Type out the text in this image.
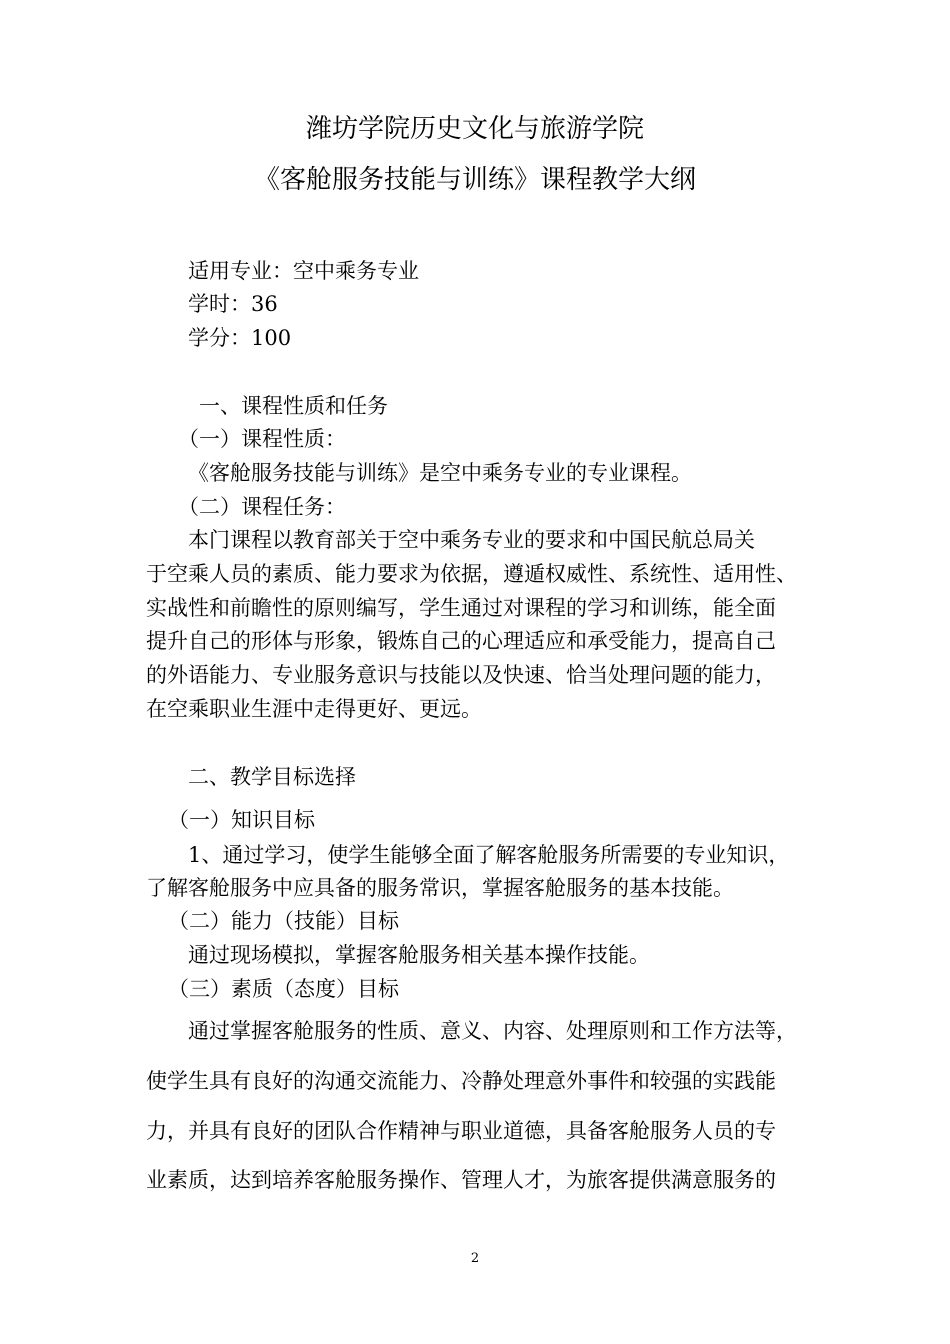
潍坊学院历史文化与旅游学院
《客舱服务技能与训练》课程教学大纲
适用专业：空中乘务专业
学时：36
学分：100
一、课程性质和任务
（一）课程性质：
《客舱服务技能与训练》是空中乘务专业的专业课程。
（二）课程任务：
本门课程以教育部关于空中乘务专业的要求和中国民航总局关
于空乘人员的素质、能力要求为依据，遵遁权威性、系统性、适用性、
实战性和前瞻性的原则编写，学生通过对课程的学习和训练，能全面
提升自己的形体与形象，锻炼自己的心理适应和承受能力，提高自己
的外语能力、专业服务意识与技能以及快速、恰当处理问题的能力，
在空乘职业生涯中走得更好、更远。
二、教学目标选择
（一）知识目标
1、通过学习，使学生能够全面了解客舱服务所需要的专业知识，
了解客舱服务中应具备的服务常识，掌握客舱服务的基本技能。
（二）能力（技能）目标
通过现场模拟，掌握客舱服务相关基本操作技能。
（三）素质（态度）目标
通过掌握客舱服务的性质、意义、内容、处理原则和工作方法等，
使学生具有良好的沟通交流能力、冷静处理意外事件和较强的实践能
力，并具有良好的团队合作精神与职业道德，具备客舱服务人员的专
业素质，达到培养客舱服务操作、管理人才，为旅客提供满意服务的
2
